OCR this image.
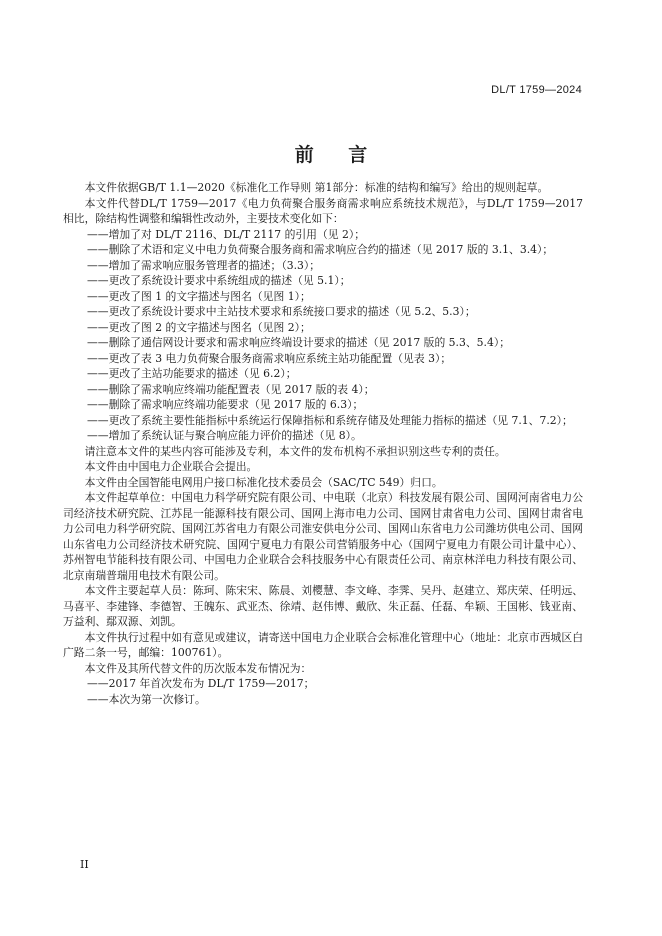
DL/T 1759—2024
前 言

本文件依据GB/T 1.1—2020《标准化工作导则 第1部分：标准的结构和编写》给出的规则起草。

本文件代替DL/T 1759—2017《电力负荷聚合服务商需求响应系统技术规范》，与DL/T 1759—2017相比，除结构性调整和编辑性改动外，主要技术变化如下：

——增加了对 DL/T 2116、DL/T 2117 的引用（见 2）；

——删除了术语和定义中电力负荷聚合服务商和需求响应合约的描述（见 2017 版的 3.1、3.4）；

——增加了需求响应服务管理者的描述；（3.3）；

——更改了系统设计要求中系统组成的描述（见 5.1）；

——更改了图 1 的文字描述与图名（见图 1）；

——更改了系统设计要求中主站技术要求和系统接口要求的描述（见 5.2、5.3）；

——更改了图 2 的文字描述与图名（见图 2）；

——删除了通信网设计要求和需求响应终端设计要求的描述（见 2017 版的 5.3、5.4）；

——更改了表 3 电力负荷聚合服务商需求响应系统主站功能配置（见表 3）；

——更改了主站功能要求的描述（见 6.2）；

——删除了需求响应终端功能配置表（见 2017 版的表 4）；

——删除了需求响应终端功能要求（见 2017 版的 6.3）；

——更改了系统主要性能指标中系统运行保障指标和系统存储及处理能力指标的描述（见 7.1、7.2）；

——增加了系统认证与聚合响应能力评价的描述（见 8）。

请注意本文件的某些内容可能涉及专利，本文件的发布机构不承担识别这些专利的责任。

本文件由中国电力企业联合会提出。

本文件由全国智能电网用户接口标准化技术委员会（SAC/TC 549）归口。

本文件起草单位：中国电力科学研究院有限公司、中电联（北京）科技发展有限公司、国网河南省电力公司经济技术研究院、江苏昆一能源科技有限公司、国网上海市电力公司、国网甘肃省电力公司、国网甘肃省电力公司电力科学研究院、国网江苏省电力有限公司淮安供电分公司、国网山东省电力公司潍坊供电公司、国网山东省电力公司经济技术研究院、国网宁夏电力有限公司营销服务中心（国网宁夏电力有限公司计量中心）、苏州智电节能科技有限公司、中国电力企业联合会科技服务中心有限责任公司、南京林洋电力科技有限公司、北京南瑞普瑞用电技术有限公司。

本文件主要起草人员：陈珂、陈宋宋、陈晨、刘樱慧、李文峰、李霁、吴丹、赵建立、郑庆荣、任明远、马喜平、李建锋、李德智、王魄东、武亚杰、徐靖、赵伟博、戴欣、朱正磊、任磊、牟颖、王国彬、钱亚南、万益利、鄢双源、刘凯。

本文件执行过程中如有意见或建议，请寄送中国电力企业联合会标准化管理中心（地址：北京市西城区白广路二条一号，邮编：100761）。

本文件及其所代替文件的历次版本发布情况为：

——2017 年首次发布为 DL/T 1759—2017；

——本次为第一次修订。

II
